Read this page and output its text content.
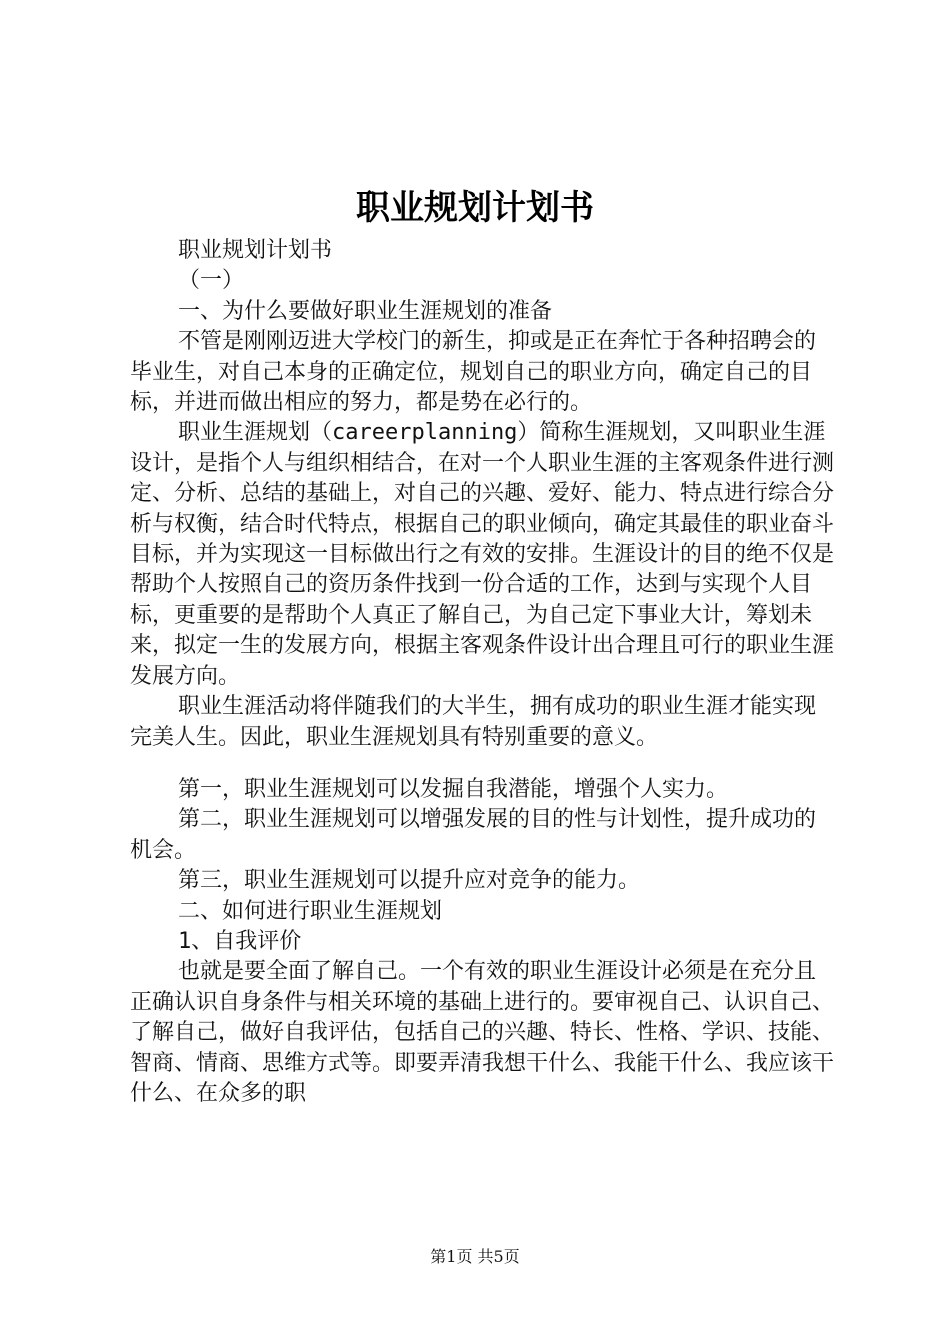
职业规划计划书

职业规划计划书

（一）

一、为什么要做好职业生涯规划的准备

不管是刚刚迈进大学校门的新生，抑或是正在奔忙于各种招聘会的毕业生，对自己本身的正确定位，规划自己的职业方向，确定自己的目标，并进而做出相应的努力，都是势在必行的。

职业生涯规划（careerplanning）简称生涯规划，又叫职业生涯设计，是指个人与组织相结合，在对一个人职业生涯的主客观条件进行测定、分析、总结的基础上，对自己的兴趣、爱好、能力、特点进行综合分析与权衡，结合时代特点，根据自己的职业倾向，确定其最佳的职业奋斗目标，并为实现这一目标做出行之有效的安排。生涯设计的目的绝不仅是帮助个人按照自己的资历条件找到一份合适的工作，达到与实现个人目标，更重要的是帮助个人真正了解自己，为自己定下事业大计，筹划未来，拟定一生的发展方向，根据主客观条件设计出合理且可行的职业生涯发展方向。

职业生涯活动将伴随我们的大半生，拥有成功的职业生涯才能实现完美人生。因此，职业生涯规划具有特别重要的意义。

第一，职业生涯规划可以发掘自我潜能，增强个人实力。

第二，职业生涯规划可以增强发展的目的性与计划性，提升成功的机会。

第三，职业生涯规划可以提升应对竞争的能力。

二、如何进行职业生涯规划

1、自我评价

也就是要全面了解自己。一个有效的职业生涯设计必须是在充分且正确认识自身条件与相关环境的基础上进行的。要审视自己、认识自己、了解自己，做好自我评估，包括自己的兴趣、特长、性格、学识、技能、智商、情商、思维方式等。即要弄清我想干什么、我能干什么、我应该干什么、在众多的职

第1页 共5页
